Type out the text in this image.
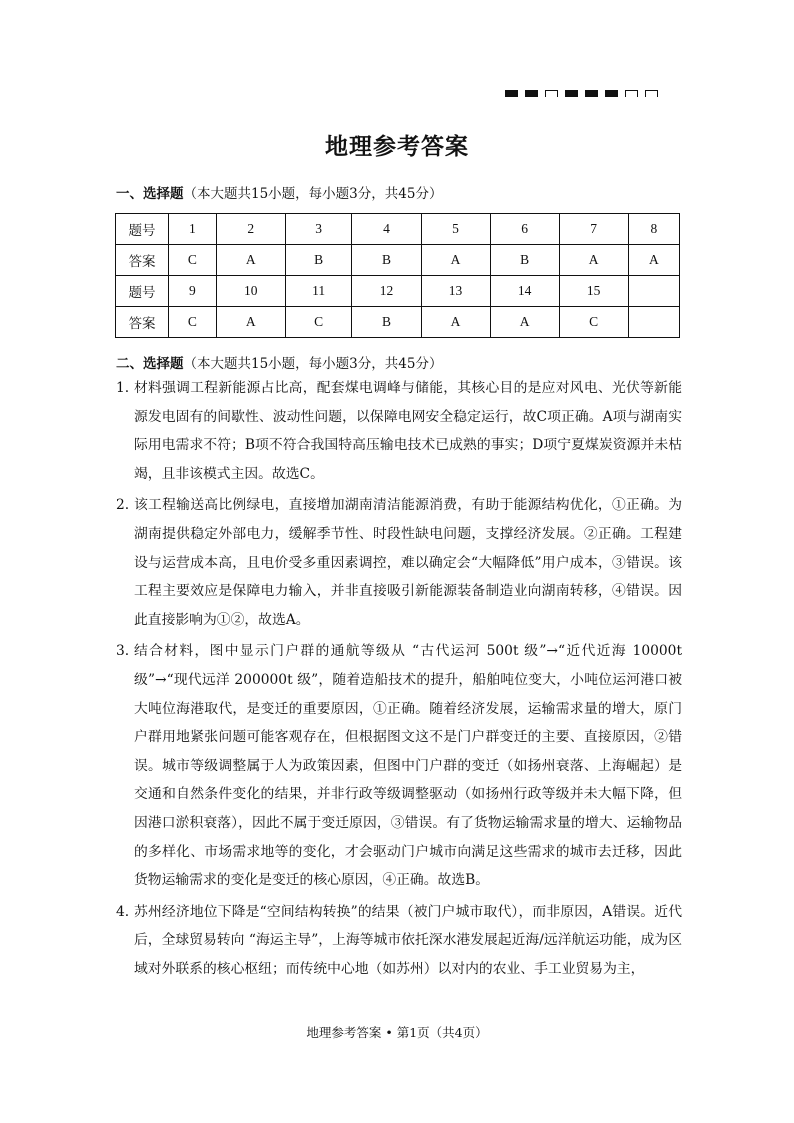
地理参考答案
一、选择题（本大题共15小题，每小题3分，共45分）
题号	1	2	3	4	5	6	7	8
答案	C	A	B	B	A	B	A	A
题号	9	10	11	12	13	14	15	
答案	C	A	C	B	A	A	C	
二、选择题（本大题共15小题，每小题3分，共45分）
1. 材料强调工程新能源占比高，配套煤电调峰与储能，其核心目的是应对风电、光伏等新能源发电固有的间歇性、波动性问题，以保障电网安全稳定运行，故C项正确。A项与湖南实际用电需求不符；B项不符合我国特高压输电技术已成熟的事实；D项宁夏煤炭资源并未枯竭，且非该模式主因。故选C。
2. 该工程输送高比例绿电，直接增加湖南清洁能源消费，有助于能源结构优化，①正确。为湖南提供稳定外部电力，缓解季节性、时段性缺电问题，支撑经济发展。②正确。工程建设与运营成本高，且电价受多重因素调控，难以确定会“大幅降低”用户成本，③错误。该工程主要效应是保障电力输入，并非直接吸引新能源装备制造业向湖南转移，④错误。因此直接影响为①②，故选A。
3. 结合材料，图中显示门户群的通航等级从 “古代运河 500t 级”→“近代近海 10000t 级”→“现代远洋 200000t 级”，随着造船技术的提升，船舶吨位变大，小吨位运河港口被大吨位海港取代，是变迁的重要原因，①正确。随着经济发展，运输需求量的增大，原门户群用地紧张问题可能客观存在，但根据图文这不是门户群变迁的主要、直接原因，②错误。城市等级调整属于人为政策因素，但图中门户群的变迁（如扬州衰落、上海崛起）是交通和自然条件变化的结果，并非行政等级调整驱动（如扬州行政等级并未大幅下降，但因港口淤积衰落），因此不属于变迁原因，③错误。有了货物运输需求量的增大、运输物品的多样化、市场需求地等的变化，才会驱动门户城市向满足这些需求的城市去迁移，因此货物运输需求的变化是变迁的核心原因，④正确。故选B。
4. 苏州经济地位下降是“空间结构转换”的结果（被门户城市取代），而非原因，A错误。近代后，全球贸易转向 “海运主导”，上海等城市依托深水港发展起近海/远洋航运功能，成为区域对外联系的核心枢纽；而传统中心地（如苏州）以对内的农业、手工业贸易为主，
地理参考答案 • 第1页（共4页）
